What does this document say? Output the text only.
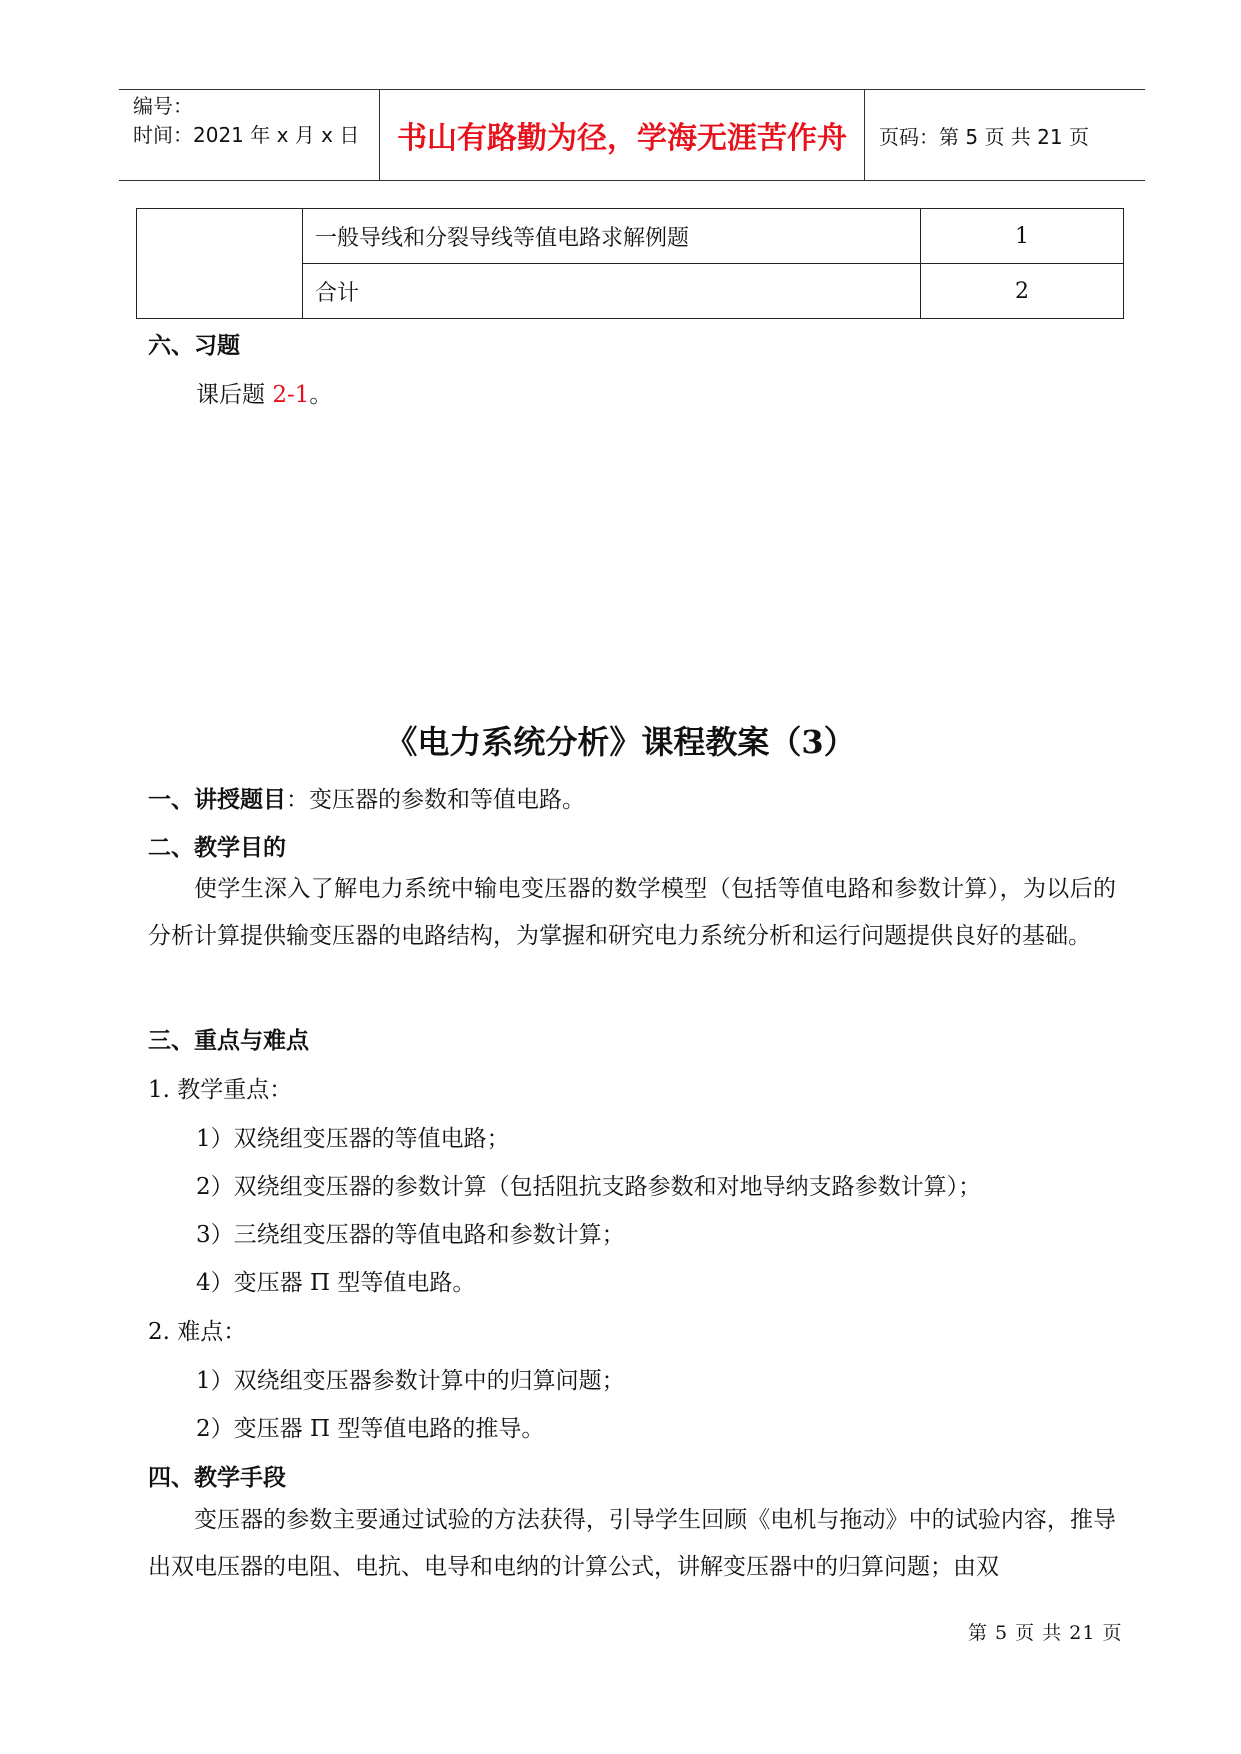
编号：
时间：2021 年 x 月 x 日	书山有路勤为径，学海无涯苦作舟	页码：第 5 页 共 21 页
	一般导线和分裂导线等值电路求解例题	1
	合计	2
六、习题
课后题 2-1。
《电力系统分析》课程教案（3）
一、讲授题目：变压器的参数和等值电路。
二、教学目的

使学生深入了解电力系统中输电变压器的数学模型（包括等值电路和参数计算），为以后的分析计算提供输变压器的电路结构，为掌握和研究电力系统分析和运行问题提供良好的基础。

三、重点与难点
1. 教学重点：
1）双绕组变压器的等值电路；
2）双绕组变压器的参数计算（包括阻抗支路参数和对地导纳支路参数计算）；
3）三绕组变压器的等值电路和参数计算；
4）变压器 Π 型等值电路。
2. 难点：
1）双绕组变压器参数计算中的归算问题；
2）变压器 Π 型等值电路的推导。
四、教学手段

变压器的参数主要通过试验的方法获得，引导学生回顾《电机与拖动》中的试验内容，推导出双电压器的电阻、电抗、电导和电纳的计算公式，讲解变压器中的归算问题；由双

第 5 页 共 21 页
